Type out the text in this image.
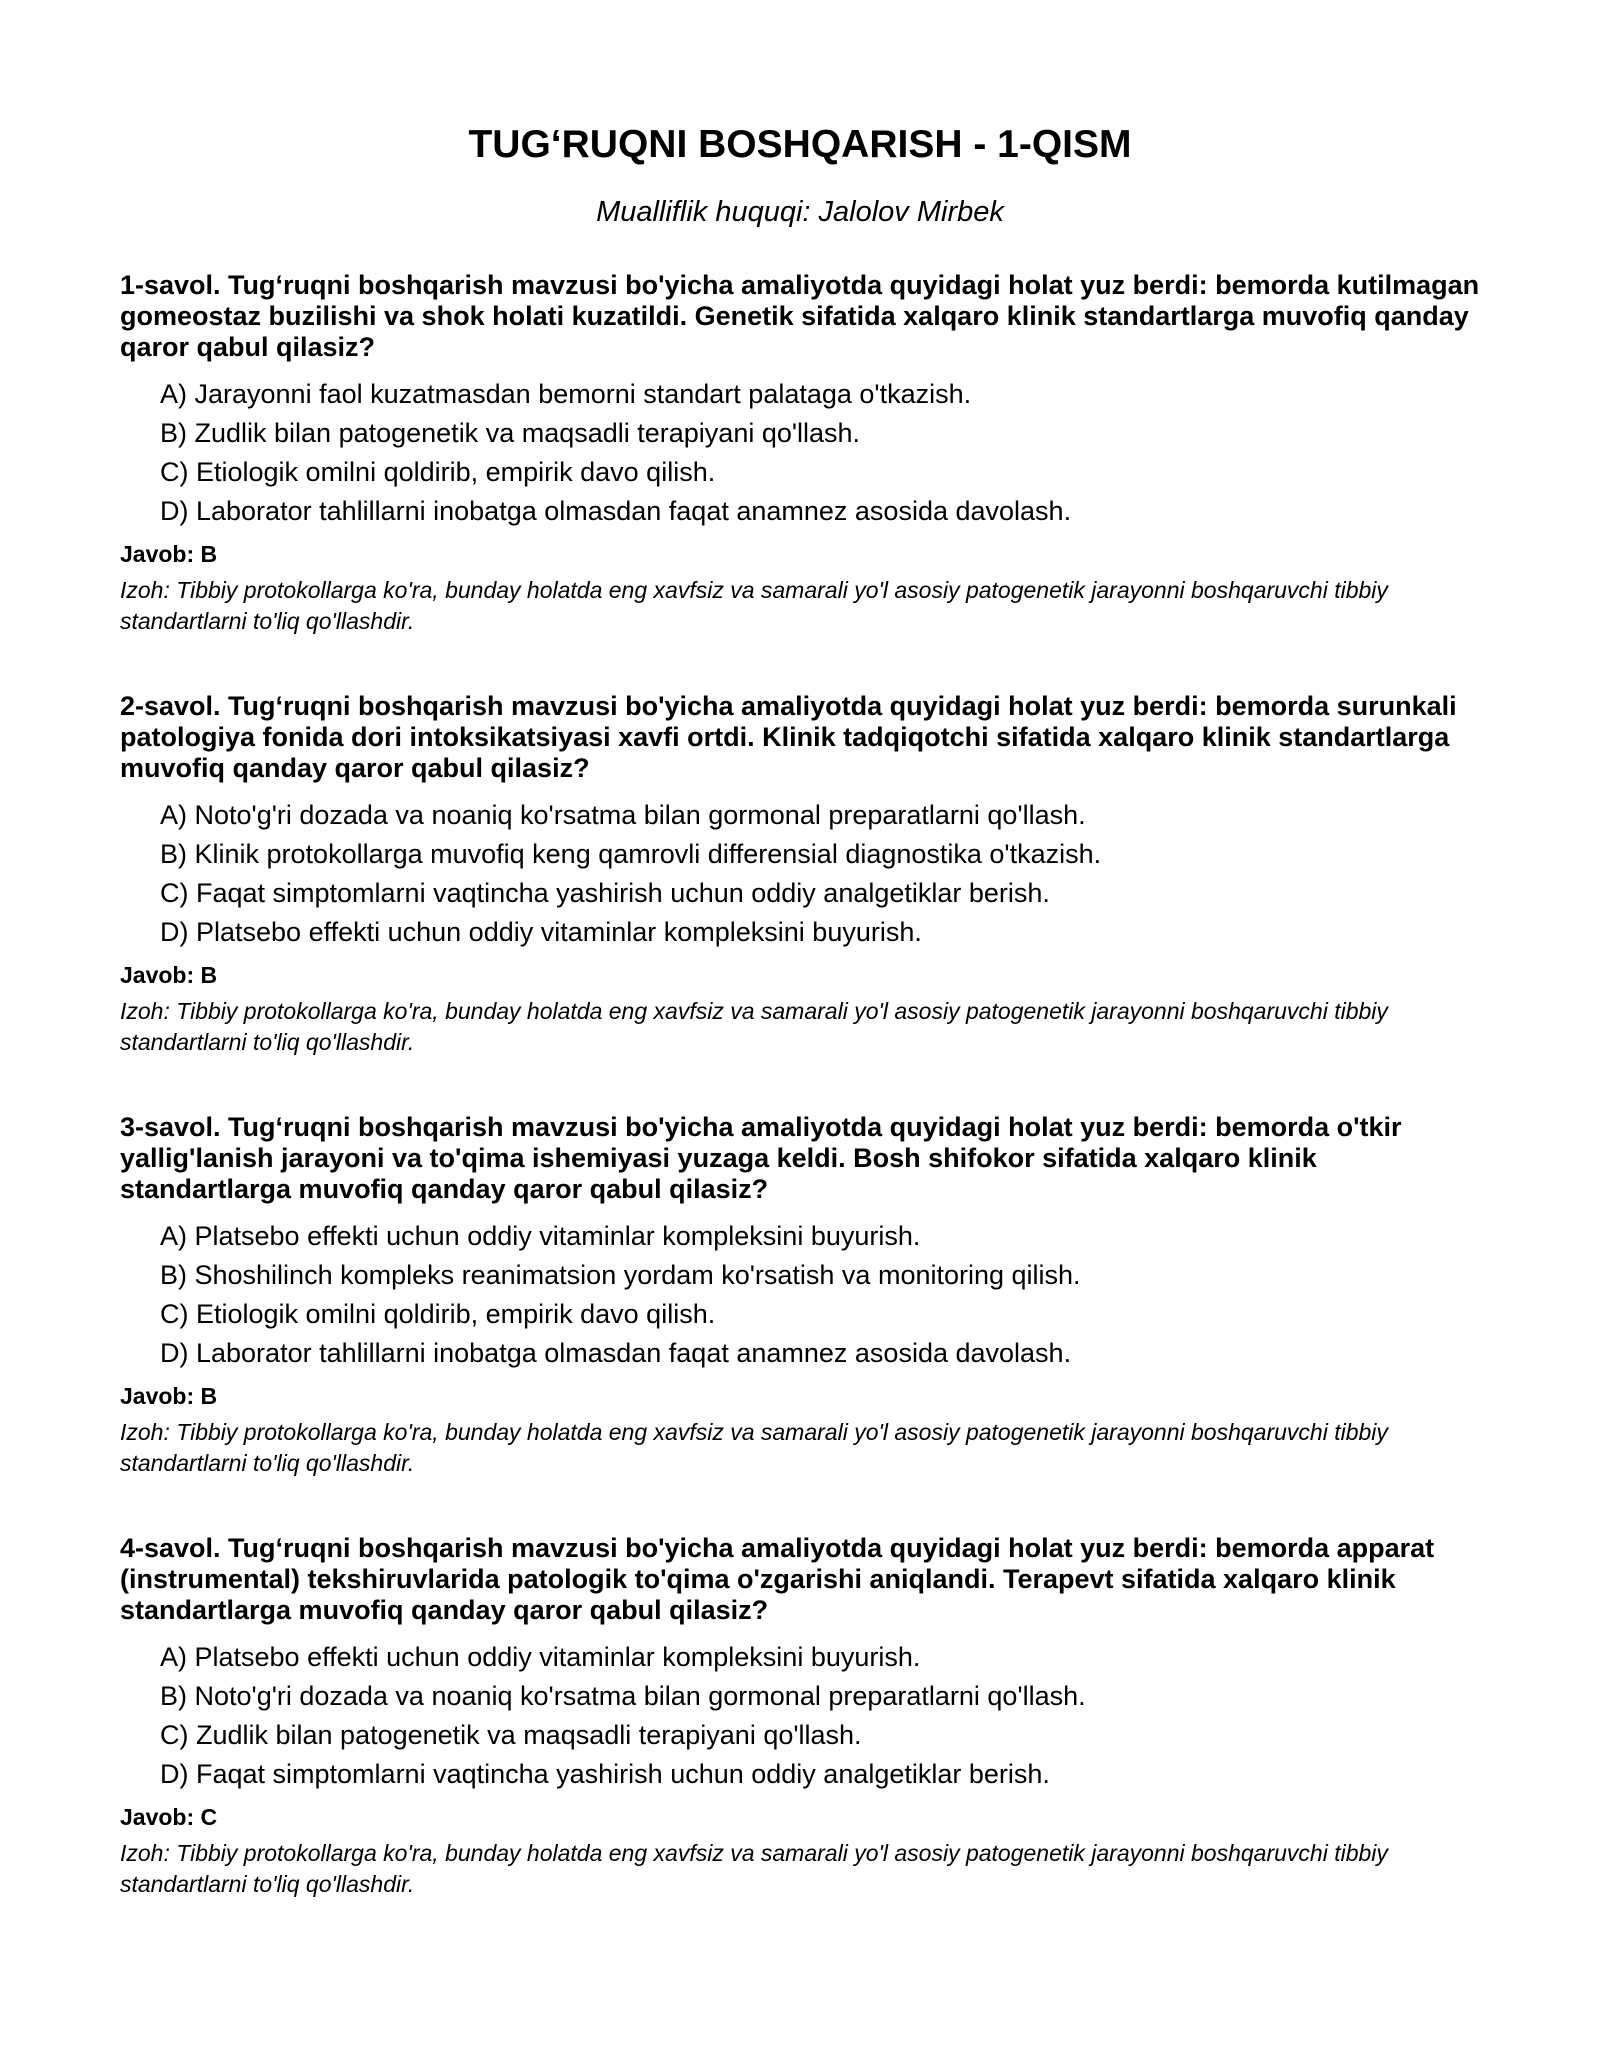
TUG‘RUQNI BOSHQARISH - 1-QISM
Mualliflik huquqi: Jalolov Mirbek

1-savol. Tug‘ruqni boshqarish mavzusi bo'yicha amaliyotda quyidagi holat yuz berdi: bemorda kutilmagan gomeostaz buzilishi va shok holati kuzatildi. Genetik sifatida xalqaro klinik standartlarga muvofiq qanday qaror qabul qilasiz?

A) Jarayonni faol kuzatmasdan bemorni standart palataga o'tkazish.
B) Zudlik bilan patogenetik va maqsadli terapiyani qo'llash.
C) Etiologik omilni qoldirib, empirik davo qilish.
D) Laborator tahlillarni inobatga olmasdan faqat anamnez asosida davolash.
Javob: B
Izoh: Tibbiy protokollarga ko'ra, bunday holatda eng xavfsiz va samarali yo'l asosiy patogenetik jarayonni boshqaruvchi tibbiy standartlarni to'liq qo'llashdir.

2-savol. Tug‘ruqni boshqarish mavzusi bo'yicha amaliyotda quyidagi holat yuz berdi: bemorda surunkali patologiya fonida dori intoksikatsiyasi xavfi ortdi. Klinik tadqiqotchi sifatida xalqaro klinik standartlarga muvofiq qanday qaror qabul qilasiz?

A) Noto'g'ri dozada va noaniq ko'rsatma bilan gormonal preparatlarni qo'llash.
B) Klinik protokollarga muvofiq keng qamrovli differensial diagnostika o'tkazish.
C) Faqat simptomlarni vaqtincha yashirish uchun oddiy analgetiklar berish.
D) Platsebo effekti uchun oddiy vitaminlar kompleksini buyurish.
Javob: B
Izoh: Tibbiy protokollarga ko'ra, bunday holatda eng xavfsiz va samarali yo'l asosiy patogenetik jarayonni boshqaruvchi tibbiy standartlarni to'liq qo'llashdir.

3-savol. Tug‘ruqni boshqarish mavzusi bo'yicha amaliyotda quyidagi holat yuz berdi: bemorda o'tkir yallig'lanish jarayoni va to'qima ishemiyasi yuzaga keldi. Bosh shifokor sifatida xalqaro klinik standartlarga muvofiq qanday qaror qabul qilasiz?

A) Platsebo effekti uchun oddiy vitaminlar kompleksini buyurish.
B) Shoshilinch kompleks reanimatsion yordam ko'rsatish va monitoring qilish.
C) Etiologik omilni qoldirib, empirik davo qilish.
D) Laborator tahlillarni inobatga olmasdan faqat anamnez asosida davolash.
Javob: B
Izoh: Tibbiy protokollarga ko'ra, bunday holatda eng xavfsiz va samarali yo'l asosiy patogenetik jarayonni boshqaruvchi tibbiy standartlarni to'liq qo'llashdir.

4-savol. Tug‘ruqni boshqarish mavzusi bo'yicha amaliyotda quyidagi holat yuz berdi: bemorda apparat (instrumental) tekshiruvlarida patologik to'qima o'zgarishi aniqlandi. Terapevt sifatida xalqaro klinik standartlarga muvofiq qanday qaror qabul qilasiz?

A) Platsebo effekti uchun oddiy vitaminlar kompleksini buyurish.
B) Noto'g'ri dozada va noaniq ko'rsatma bilan gormonal preparatlarni qo'llash.
C) Zudlik bilan patogenetik va maqsadli terapiyani qo'llash.
D) Faqat simptomlarni vaqtincha yashirish uchun oddiy analgetiklar berish.
Javob: C
Izoh: Tibbiy protokollarga ko'ra, bunday holatda eng xavfsiz va samarali yo'l asosiy patogenetik jarayonni boshqaruvchi tibbiy standartlarni to'liq qo'llashdir.
